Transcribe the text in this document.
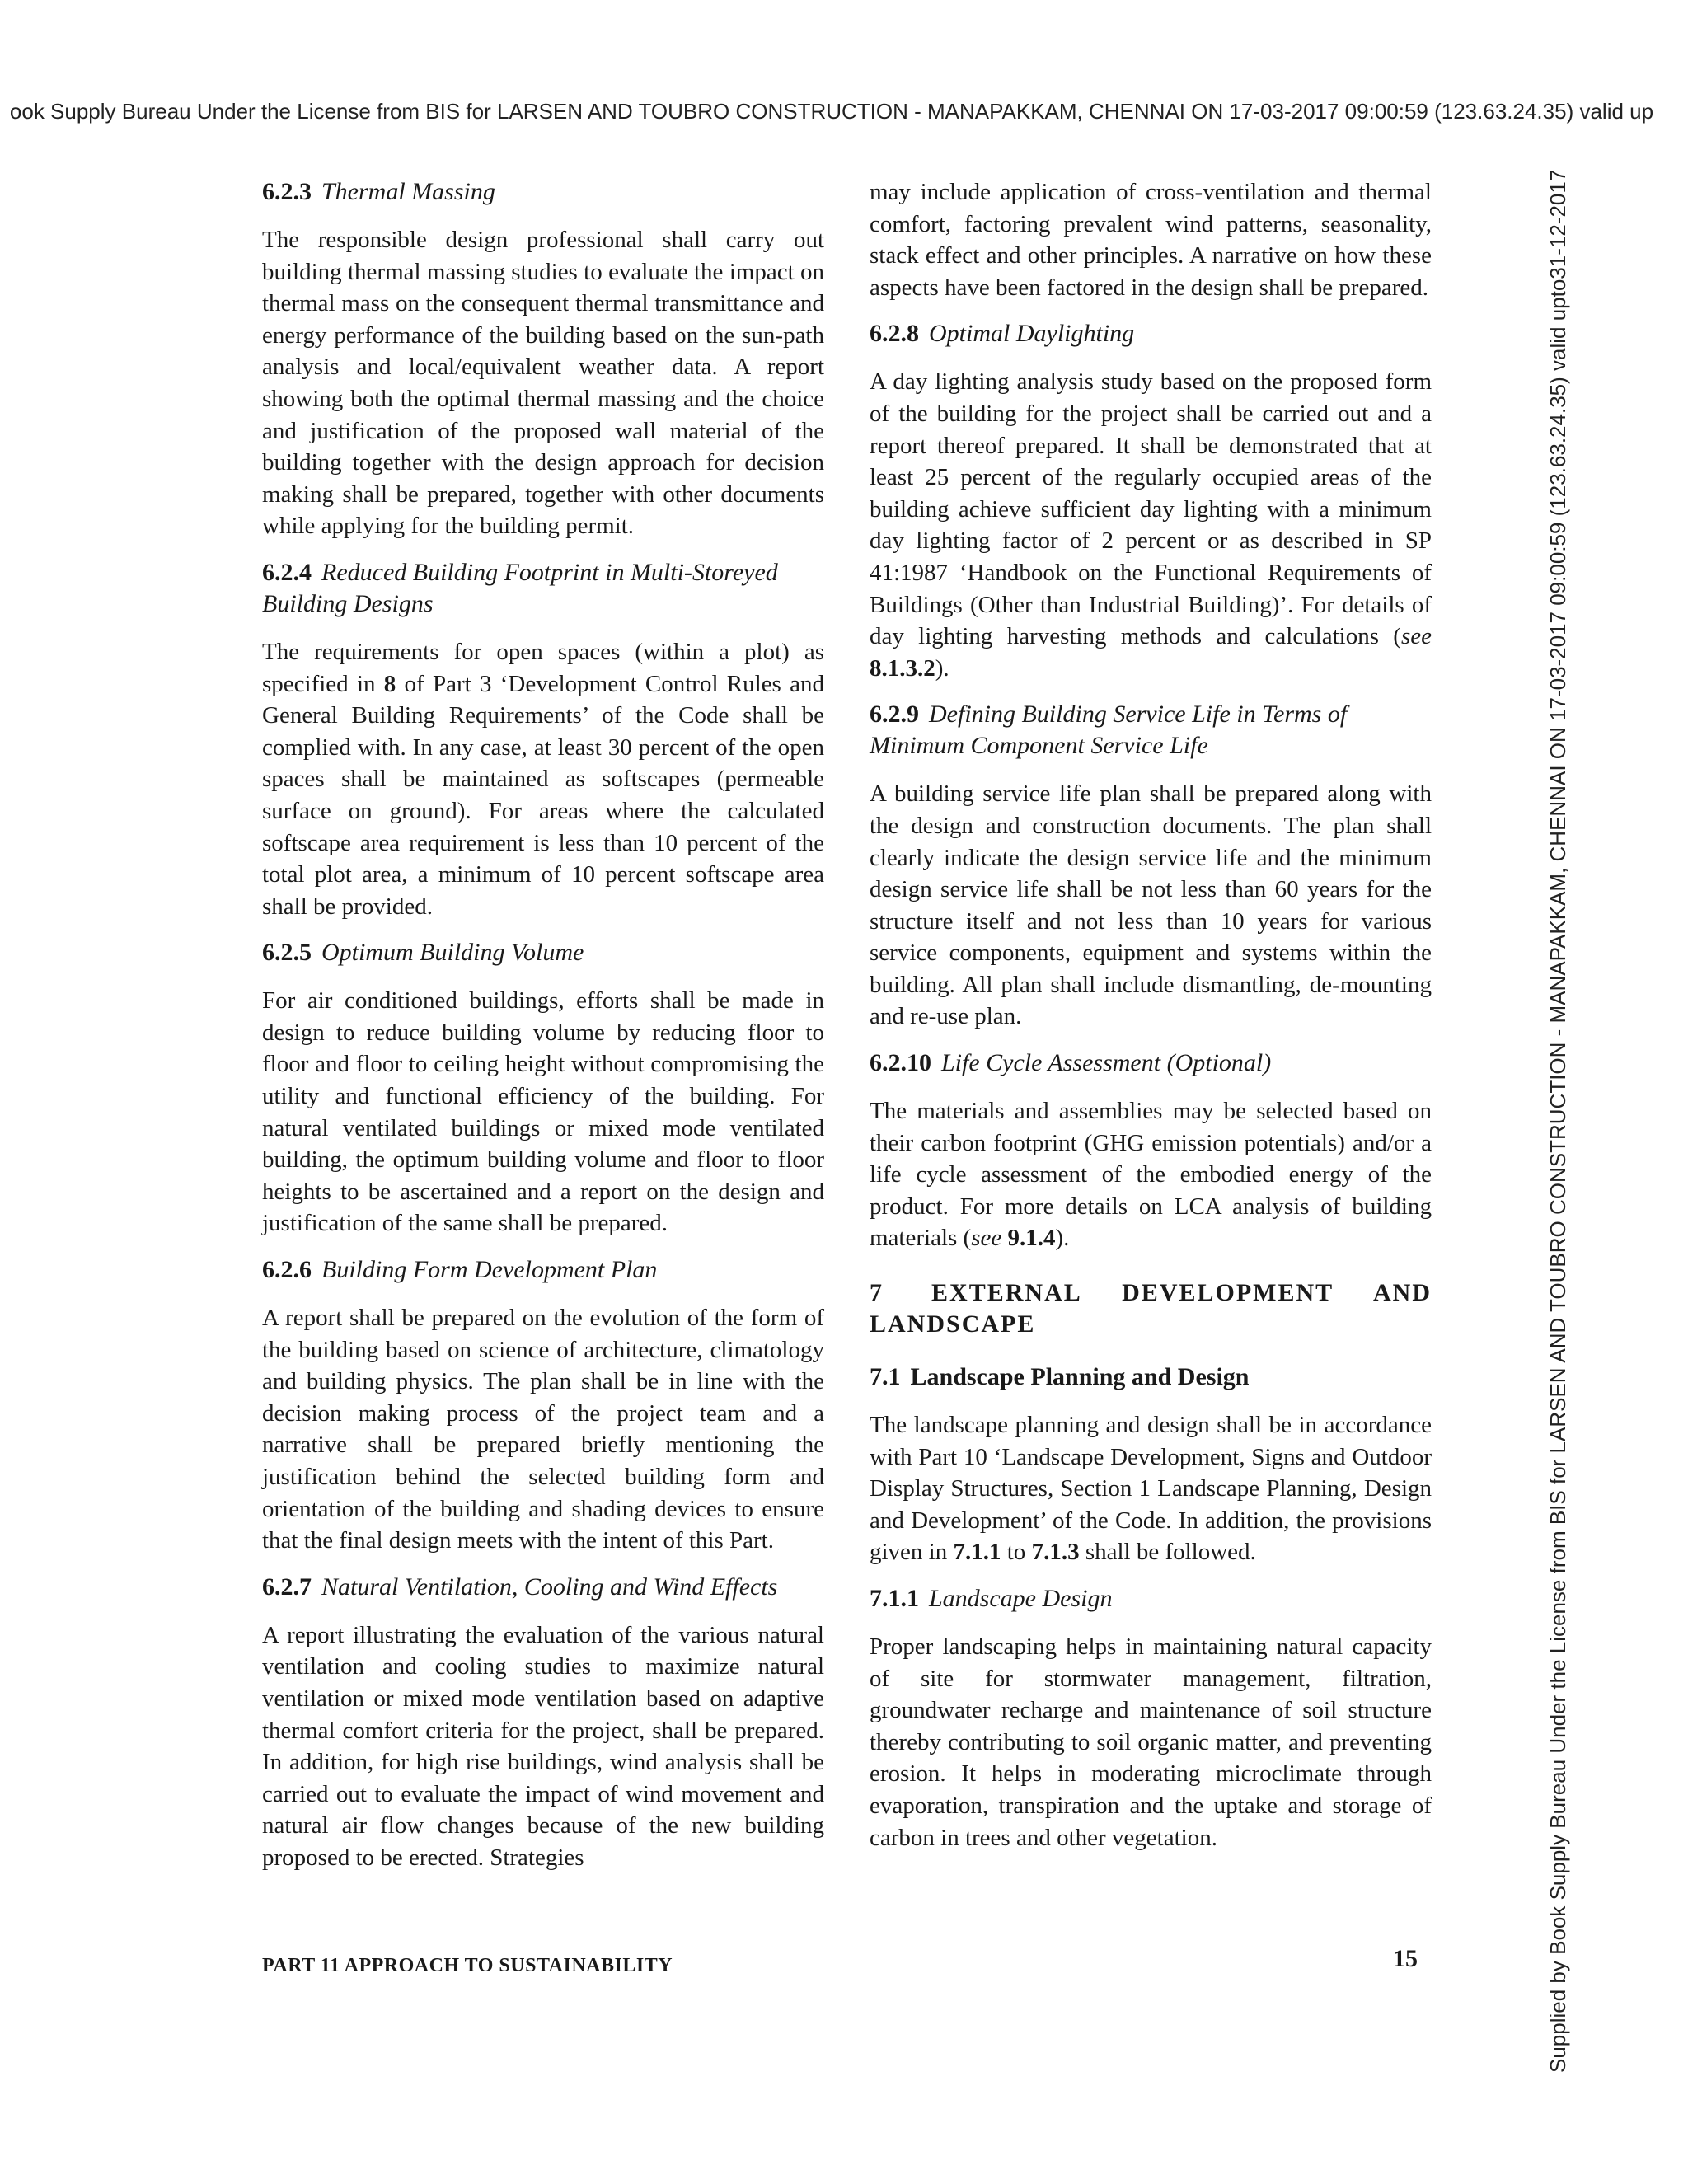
ook Supply Bureau Under the License from BIS for LARSEN AND TOUBRO CONSTRUCTION - MANAPAKKAM, CHENNAI ON 17-03-2017 09:00:59 (123.63.24.35) valid up
Supplied by Book Supply Bureau Under the License from BIS for LARSEN AND TOUBRO CONSTRUCTION - MANAPAKKAM, CHENNAI ON 17-03-2017 09:00:59 (123.63.24.35) valid upto31-12-2017
6.2.3 Thermal Massing

The responsible design professional shall carry out building thermal massing studies to evaluate the impact on thermal mass on the consequent thermal transmittance and energy performance of the building based on the sun-path analysis and local/equivalent weather data. A report showing both the optimal thermal massing and the choice and justification of the proposed wall material of the building together with the design approach for decision making shall be prepared, together with other documents while applying for the building permit.

6.2.4 Reduced Building Footprint in Multi-Storeyed Building Designs

The requirements for open spaces (within a plot) as specified in 8 of Part 3 ‘Development Control Rules and General Building Requirements’ of the Code shall be complied with. In any case, at least 30 percent of the open spaces shall be maintained as softscapes (permeable surface on ground). For areas where the calculated softscape area requirement is less than 10 percent of the total plot area, a minimum of 10 percent softscape area shall be provided.

6.2.5 Optimum Building Volume

For air conditioned buildings, efforts shall be made in design to reduce building volume by reducing floor to floor and floor to ceiling height without compromising the utility and functional efficiency of the building. For natural ventilated buildings or mixed mode ventilated building, the optimum building volume and floor to floor heights to be ascertained and a report on the design and justification of the same shall be prepared.

6.2.6 Building Form Development Plan

A report shall be prepared on the evolution of the form of the building based on science of architecture, climatology and building physics. The plan shall be in line with the decision making process of the project team and a narrative shall be prepared briefly mentioning the justification behind the selected building form and orientation of the building and shading devices to ensure that the final design meets with the intent of this Part.

6.2.7 Natural Ventilation, Cooling and Wind Effects

A report illustrating the evaluation of the various natural ventilation and cooling studies to maximize natural ventilation or mixed mode ventilation based on adaptive thermal comfort criteria for the project, shall be prepared. In addition, for high rise buildings, wind analysis shall be carried out to evaluate the impact of wind movement and natural air flow changes because of the new building proposed to be erected. Strategies

may include application of cross-ventilation and thermal comfort, factoring prevalent wind patterns, seasonality, stack effect and other principles. A narrative on how these aspects have been factored in the design shall be prepared.

6.2.8 Optimal Daylighting

A day lighting analysis study based on the proposed form of the building for the project shall be carried out and a report thereof prepared. It shall be demonstrated that at least 25 percent of the regularly occupied areas of the building achieve sufficient day lighting with a minimum day lighting factor of 2 percent or as described in SP 41:1987 ‘Handbook on the Functional Requirements of Buildings (Other than Industrial Building)’. For details of day lighting harvesting methods and calculations (see 8.1.3.2).

6.2.9 Defining Building Service Life in Terms of Minimum Component Service Life

A building service life plan shall be prepared along with the design and construction documents. The plan shall clearly indicate the design service life and the minimum design service life shall be not less than 60 years for the structure itself and not less than 10 years for various service components, equipment and systems within the building. All plan shall include dismantling, de-mounting and re-use plan.

6.2.10 Life Cycle Assessment (Optional)

The materials and assemblies may be selected based on their carbon footprint (GHG emission potentials) and/or a life cycle assessment of the embodied energy of the product. For more details on LCA analysis of building materials (see 9.1.4).

7 EXTERNAL DEVELOPMENT AND LANDSCAPE
7.1 Landscape Planning and Design

The landscape planning and design shall be in accordance with Part 10 ‘Landscape Development, Signs and Outdoor Display Structures, Section 1 Landscape Planning, Design and Development’ of the Code. In addition, the provisions given in 7.1.1 to 7.1.3 shall be followed.

7.1.1 Landscape Design

Proper landscaping helps in maintaining natural capacity of site for stormwater management, filtration, groundwater recharge and maintenance of soil structure thereby contributing to soil organic matter, and preventing erosion. It helps in moderating microclimate through evaporation, transpiration and the uptake and storage of carbon in trees and other vegetation.

PART 11 APPROACH TO SUSTAINABILITY	15
